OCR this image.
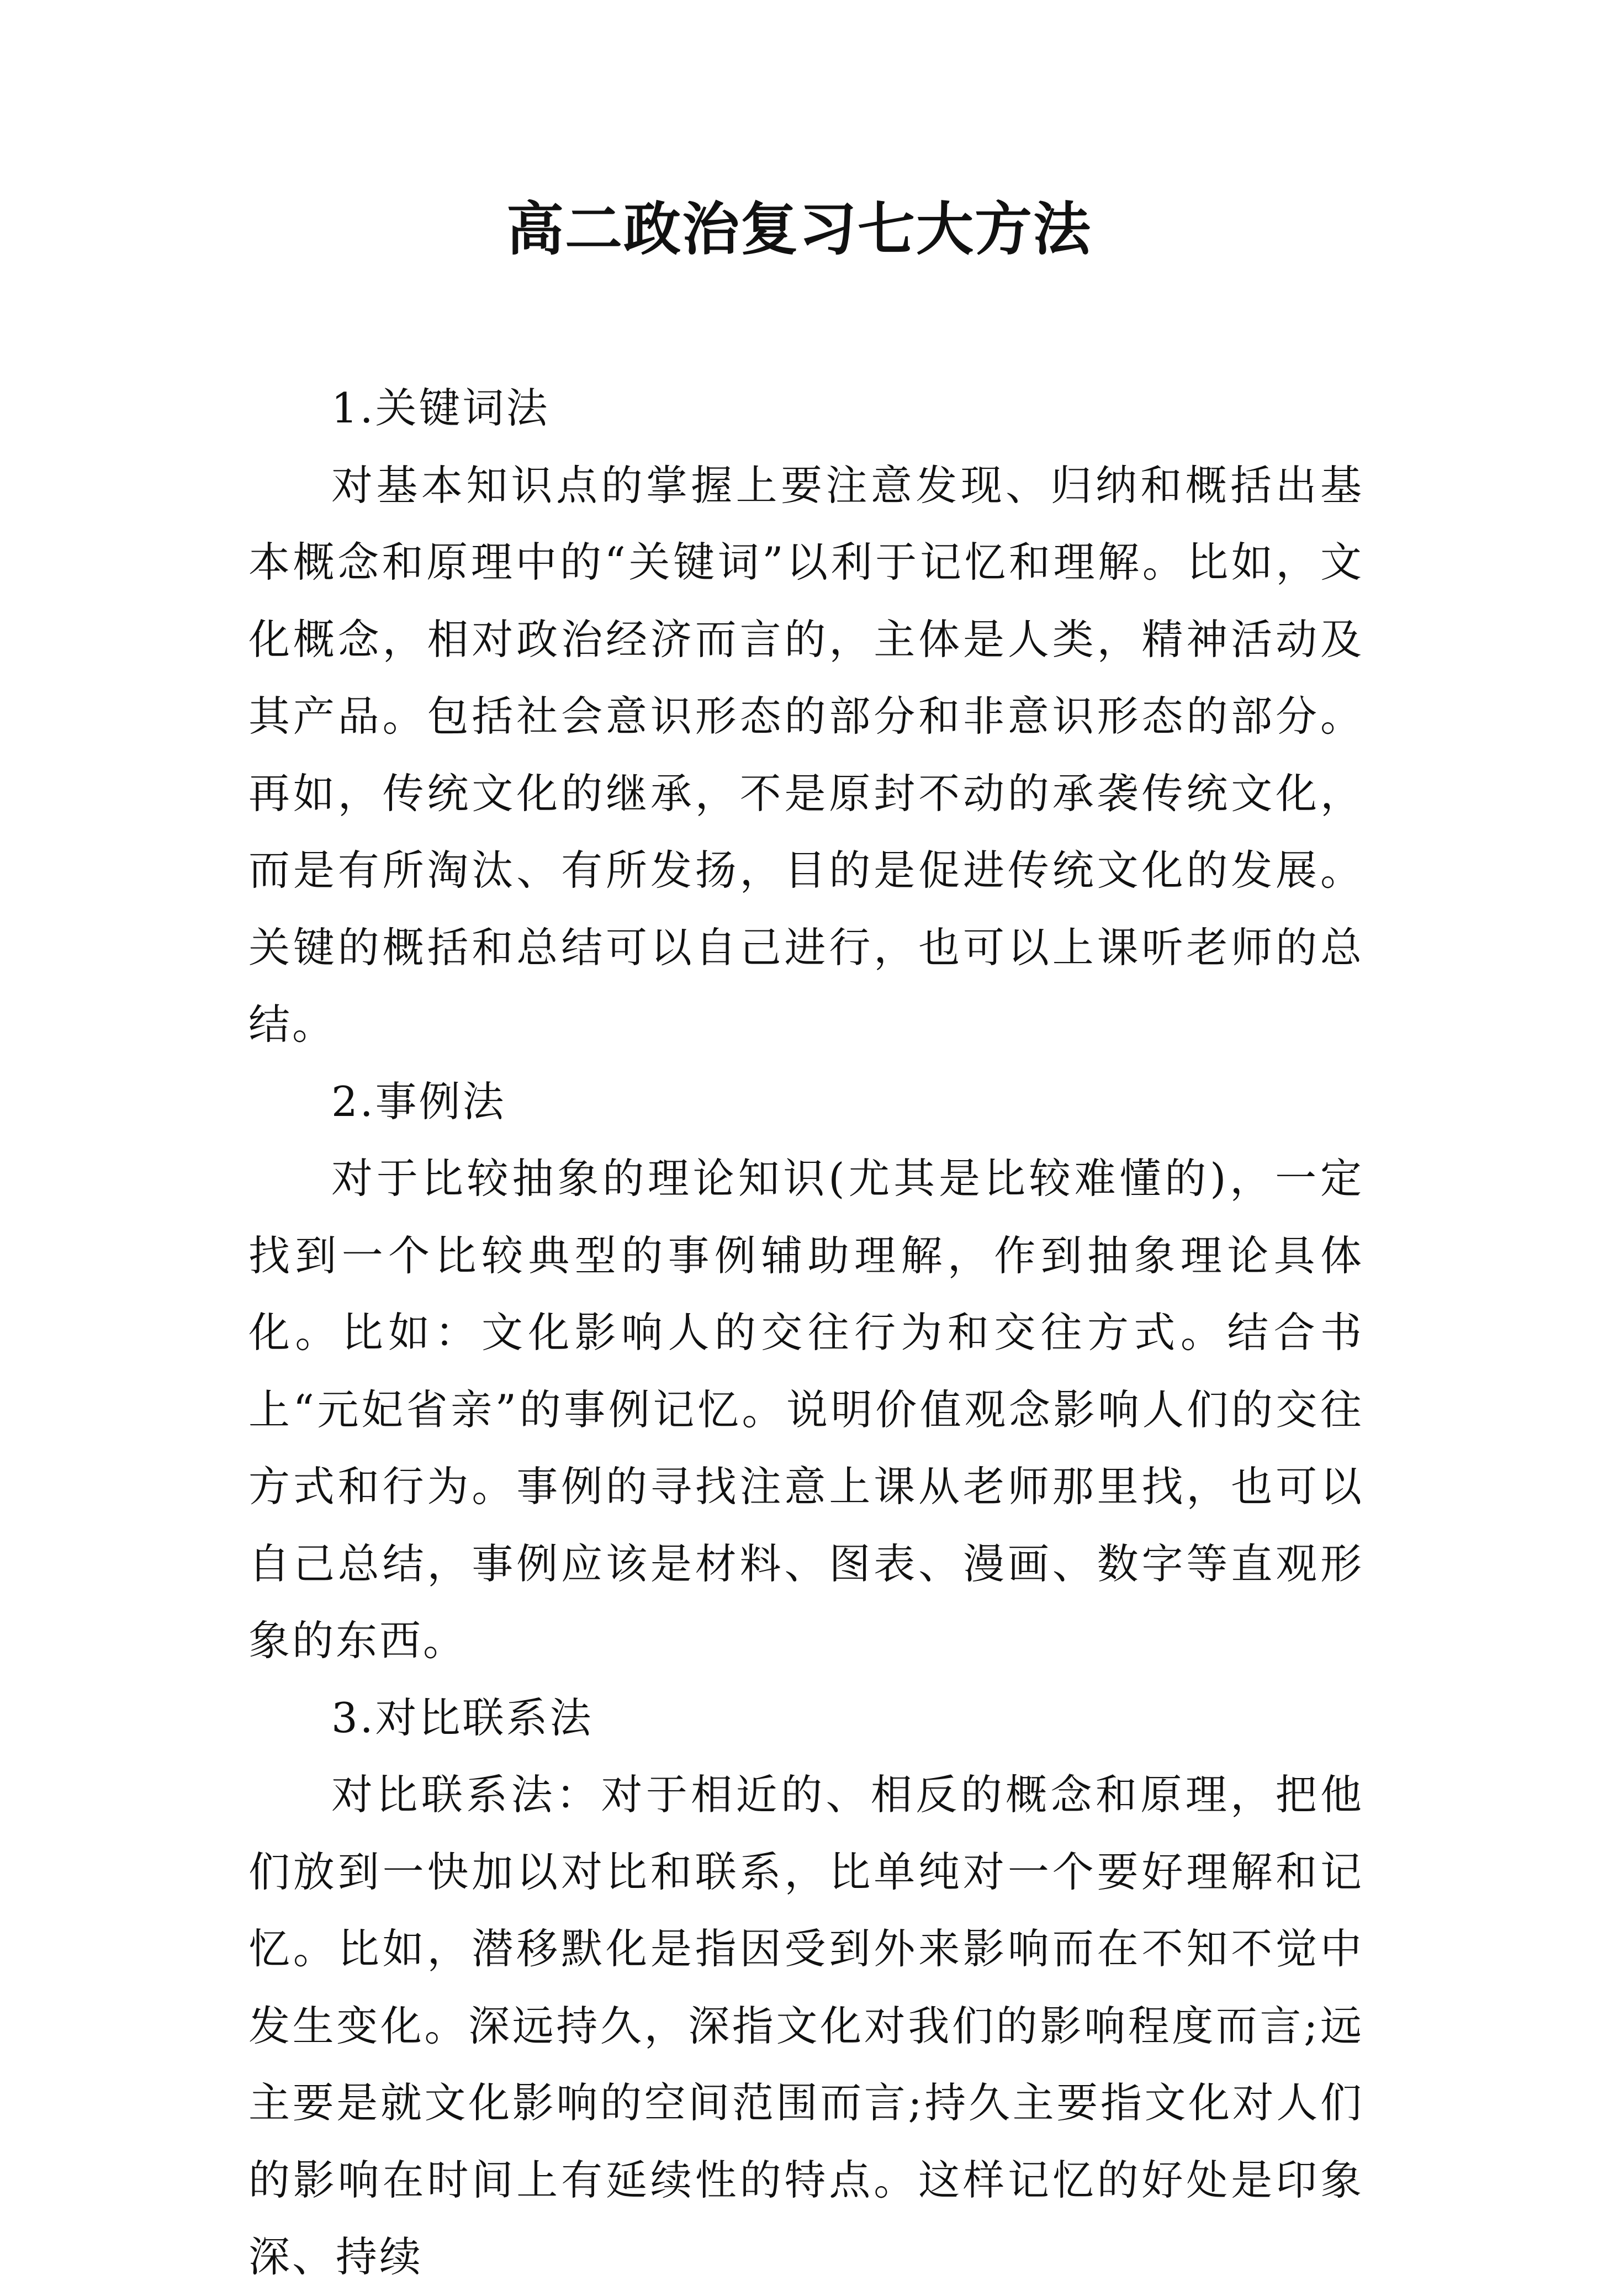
高二政治复习七大方法

1.关键词法

对基本知识点的掌握上要注意发现、归纳和概括出基本概念和原理中的“关键词”以利于记忆和理解。比如，文化概念，相对政治经济而言的，主体是人类，精神活动及其产品。包括社会意识形态的部分和非意识形态的部分。再如，传统文化的继承，不是原封不动的承袭传统文化，而是有所淘汰、有所发扬，目的是促进传统文化的发展。关键的概括和总结可以自己进行，也可以上课听老师的总结。

2.事例法

对于比较抽象的理论知识(尤其是比较难懂的)，一定找到一个比较典型的事例辅助理解，作到抽象理论具体化。比如：文化影响人的交往行为和交往方式。结合书上“元妃省亲”的事例记忆。说明价值观念影响人们的交往方式和行为。事例的寻找注意上课从老师那里找，也可以自己总结，事例应该是材料、图表、漫画、数字等直观形象的东西。

3.对比联系法

对比联系法：对于相近的、相反的概念和原理，把他们放到一快加以对比和联系，比单纯对一个要好理解和记忆。比如，潜移默化是指因受到外来影响而在不知不觉中发生变化。深远持久，深指文化对我们的影响程度而言;远主要是就文化影响的空间范围而言;持久主要指文化对人们的影响在时间上有延续性的特点。这样记忆的好处是印象深、持续
